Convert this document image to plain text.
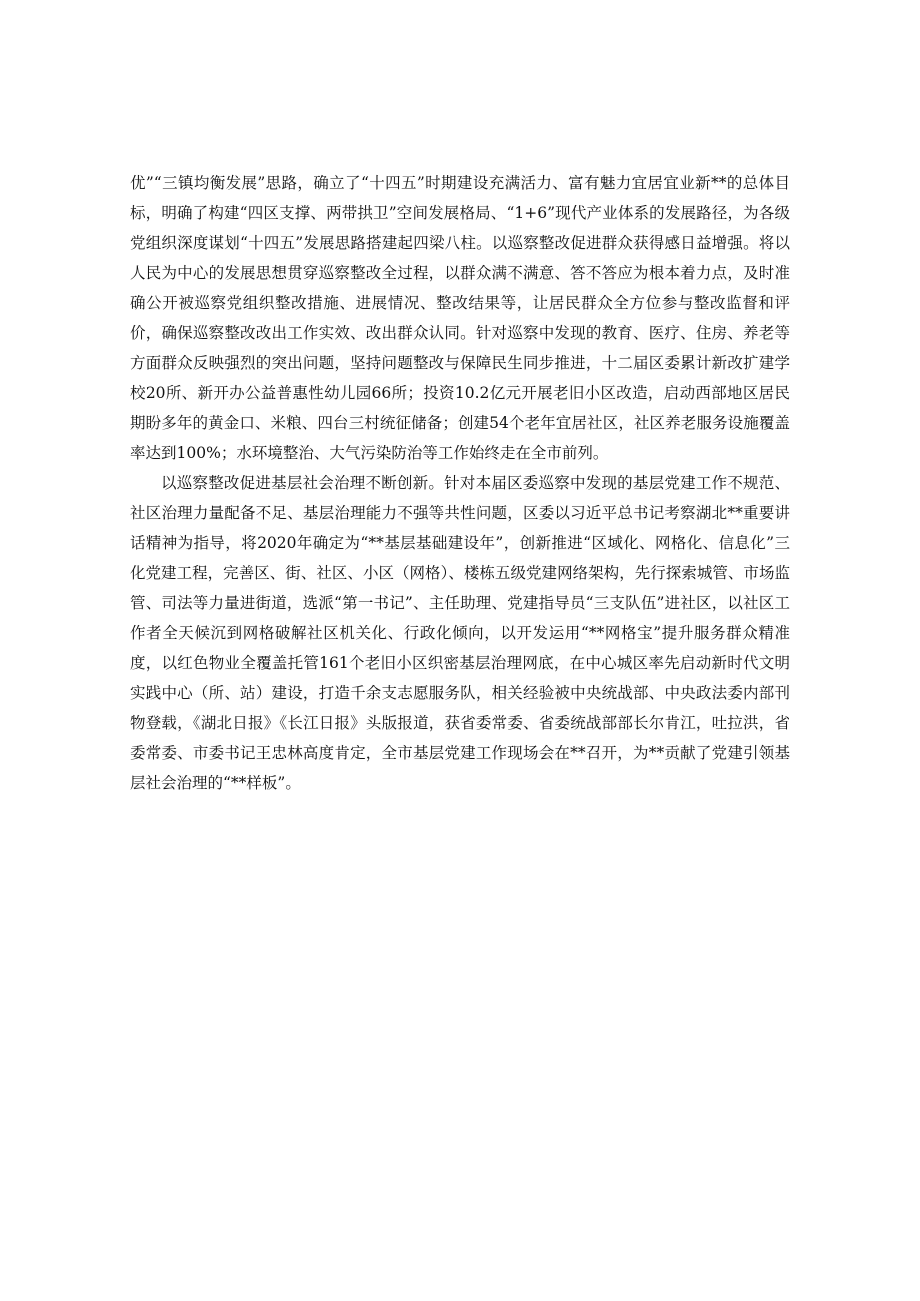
优”“三镇均衡发展”思路，确立了“十四五”时期建设充满活力、富有魅力宜居宜业新**的总体目标，明确了构建“四区支撑、两带拱卫”空间发展格局、“1+6”现代产业体系的发展路径，为各级党组织深度谋划“十四五”发展思路搭建起四梁八柱。以巡察整改促进群众获得感日益增强。将以人民为中心的发展思想贯穿巡察整改全过程，以群众满不满意、答不答应为根本着力点，及时准确公开被巡察党组织整改措施、进展情况、整改结果等，让居民群众全方位参与整改监督和评价，确保巡察整改改出工作实效、改出群众认同。针对巡察中发现的教育、医疗、住房、养老等方面群众反映强烈的突出问题，坚持问题整改与保障民生同步推进，十二届区委累计新改扩建学校20所、新开办公益普惠性幼儿园66所；投资10.2亿元开展老旧小区改造，启动西部地区居民期盼多年的黄金口、米粮、四台三村统征储备；创建54个老年宜居社区，社区养老服务设施覆盖率达到100%；水环境整治、大气污染防治等工作始终走在全市前列。

以巡察整改促进基层社会治理不断创新。针对本届区委巡察中发现的基层党建工作不规范、社区治理力量配备不足、基层治理能力不强等共性问题，区委以习近平总书记考察湖北**重要讲话精神为指导，将2020年确定为“**基层基础建设年”，创新推进“区域化、网格化、信息化”三化党建工程，完善区、街、社区、小区（网格）、楼栋五级党建网络架构，先行探索城管、市场监管、司法等力量进街道，选派“第一书记”、主任助理、党建指导员“三支队伍”进社区，以社区工作者全天候沉到网格破解社区机关化、行政化倾向，以开发运用“**网格宝”提升服务群众精准度，以红色物业全覆盖托管161个老旧小区织密基层治理网底，在中心城区率先启动新时代文明实践中心（所、站）建设，打造千余支志愿服务队，相关经验被中央统战部、中央政法委内部刊物登载，《湖北日报》《长江日报》头版报道，获省委常委、省委统战部部长尔肯江，吐拉洪，省委常委、市委书记王忠林高度肯定，全市基层党建工作现场会在**召开，为**贡献了党建引领基层社会治理的“**样板”。
